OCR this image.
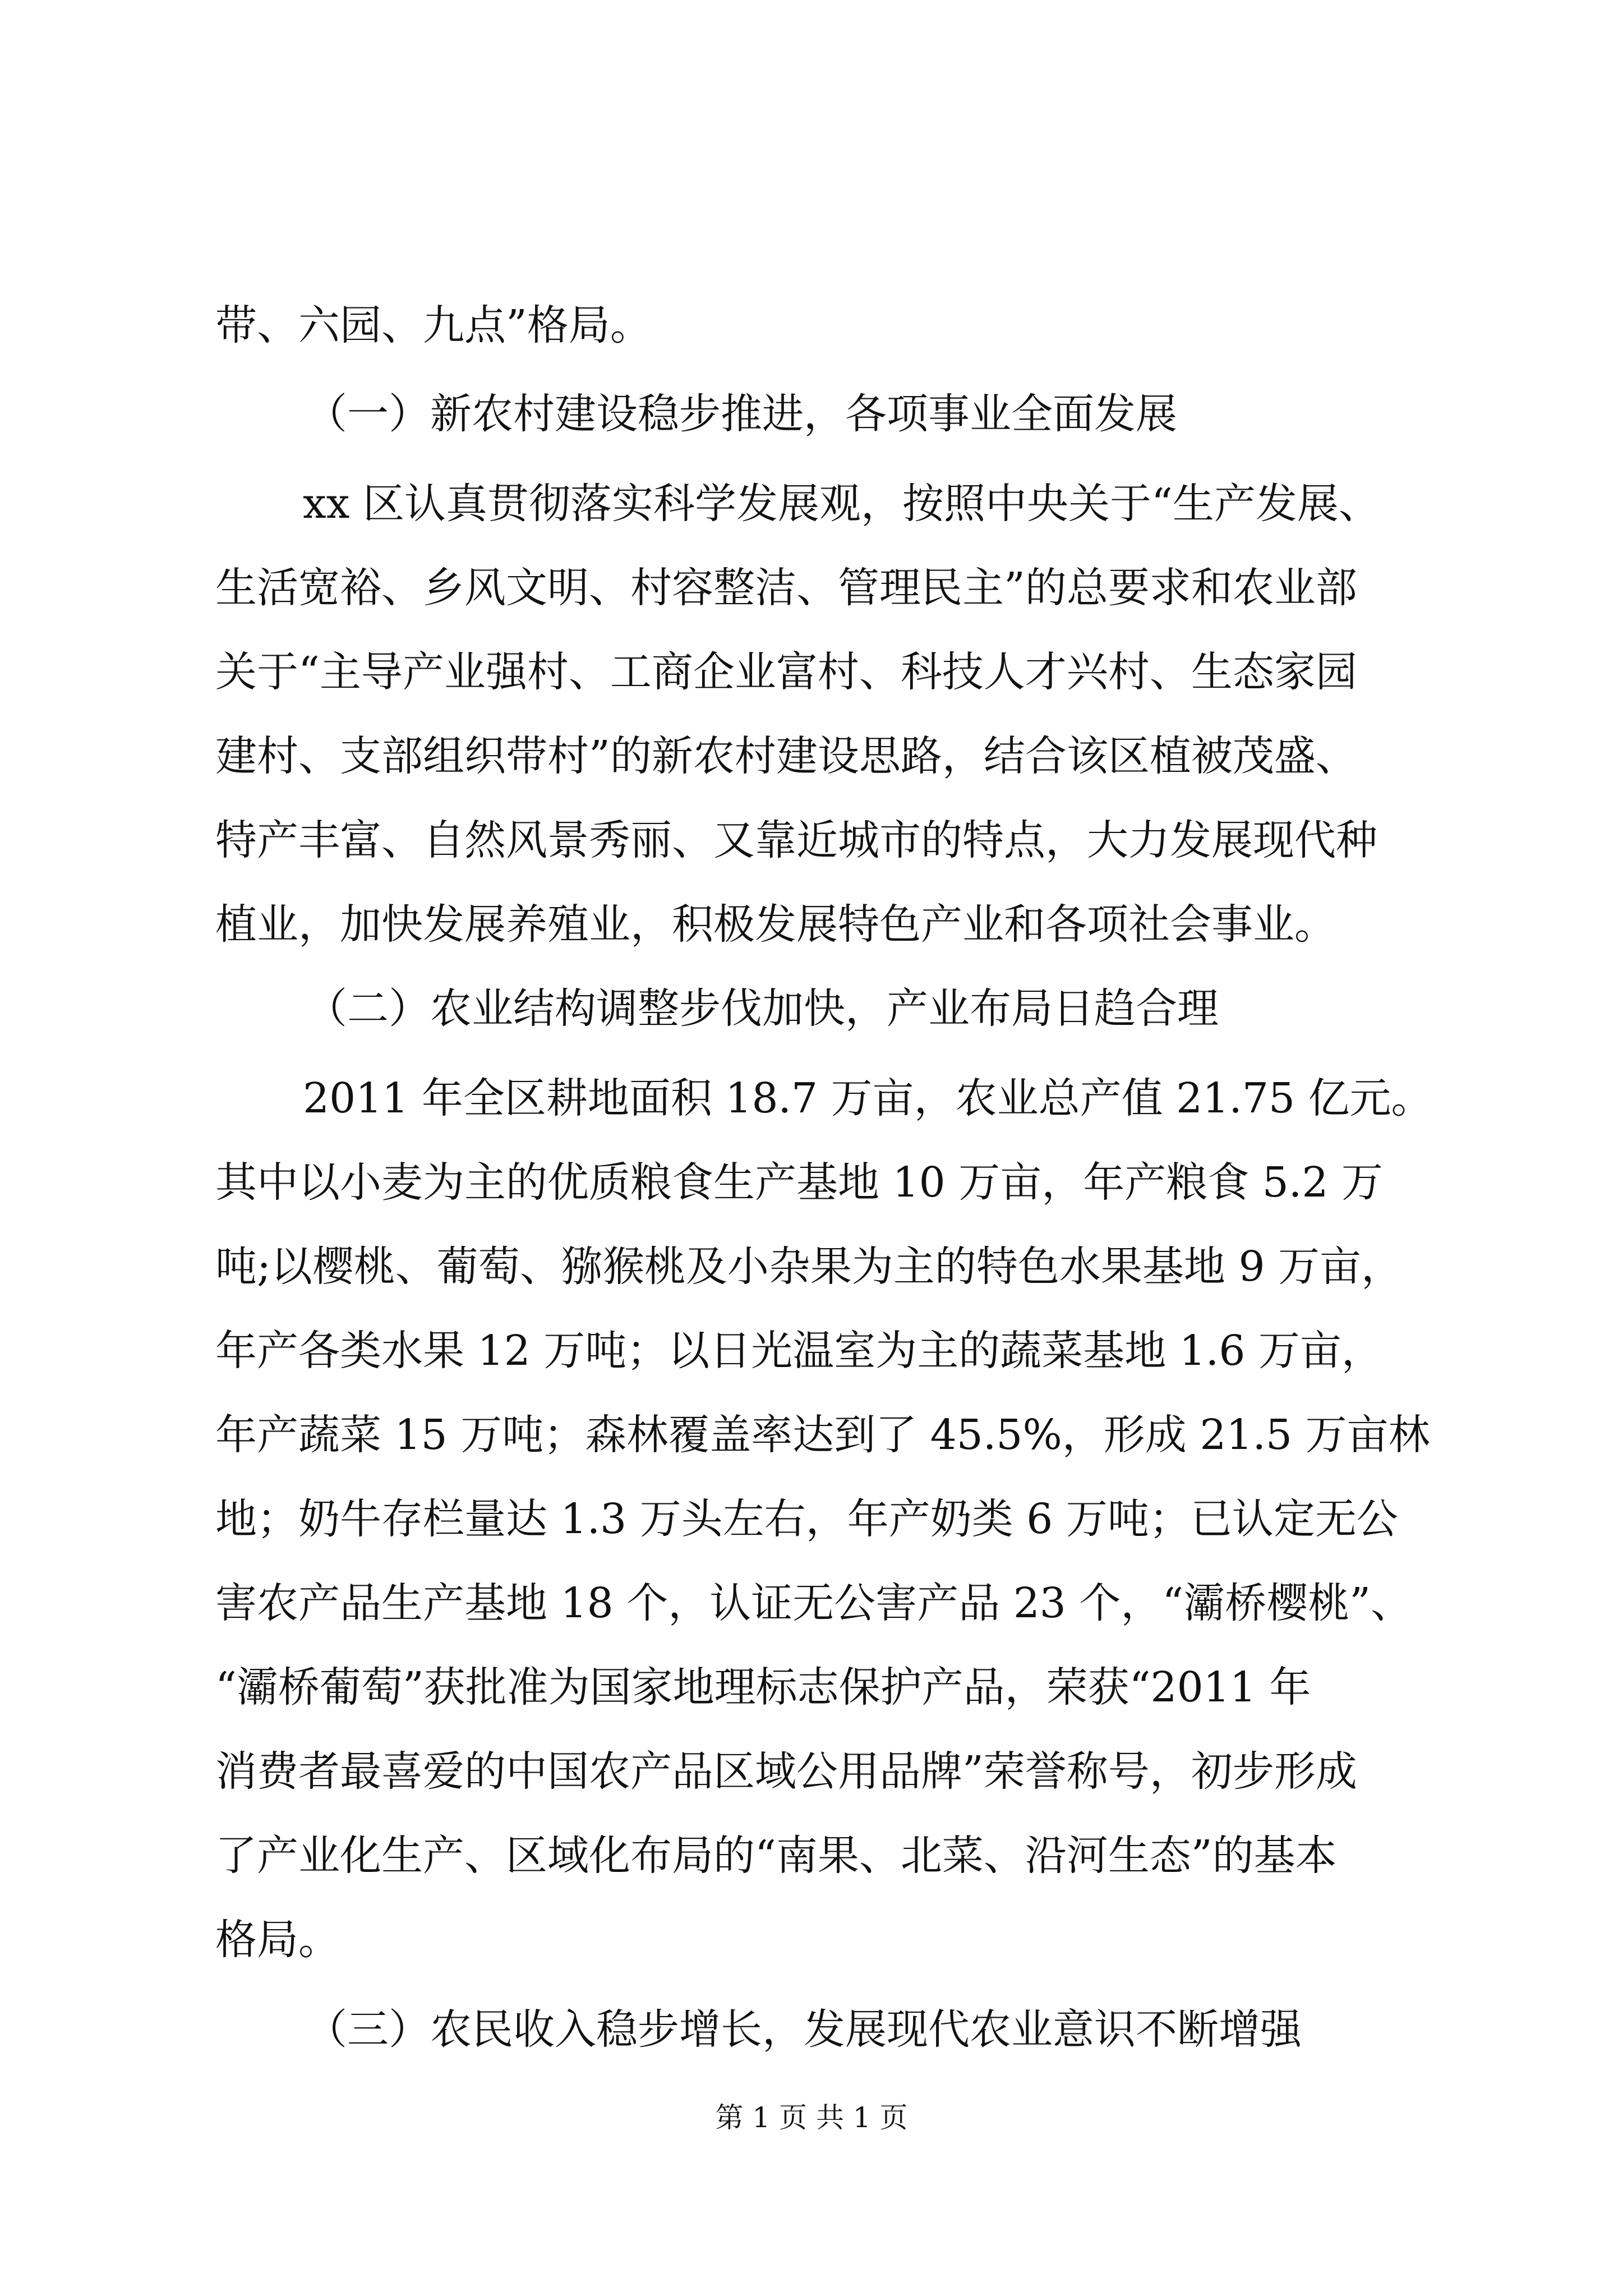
带、六园、九点”格局。
（一）新农村建设稳步推进，各项事业全面发展
xx 区认真贯彻落实科学发展观，按照中央关于“生产发展、
生活宽裕、乡风文明、村容整洁、管理民主”的总要求和农业部
关于“主导产业强村、工商企业富村、科技人才兴村、生态家园
建村、支部组织带村”的新农村建设思路，结合该区植被茂盛、
特产丰富、自然风景秀丽、又靠近城市的特点，大力发展现代种
植业，加快发展养殖业，积极发展特色产业和各项社会事业。
（二）农业结构调整步伐加快，产业布局日趋合理
2011 年全区耕地面积 18.7 万亩，农业总产值 21.75 亿元。
其中以小麦为主的优质粮食生产基地 10 万亩，年产粮食 5.2 万
吨;以樱桃、葡萄、猕猴桃及小杂果为主的特色水果基地 9 万亩，
年产各类水果 12 万吨；以日光温室为主的蔬菜基地 1.6 万亩，
年产蔬菜 15 万吨；森林覆盖率达到了 45.5%，形成 21.5 万亩林
地；奶牛存栏量达 1.3 万头左右，年产奶类 6 万吨；已认定无公
害农产品生产基地 18 个，认证无公害产品 23 个，“灞桥樱桃”、
“灞桥葡萄”获批准为国家地理标志保护产品，荣获“2011 年
消费者最喜爱的中国农产品区域公用品牌”荣誉称号，初步形成
了产业化生产、区域化布局的“南果、北菜、沿河生态”的基本
格局。
（三）农民收入稳步增长，发展现代农业意识不断增强
第 1 页 共 1 页
